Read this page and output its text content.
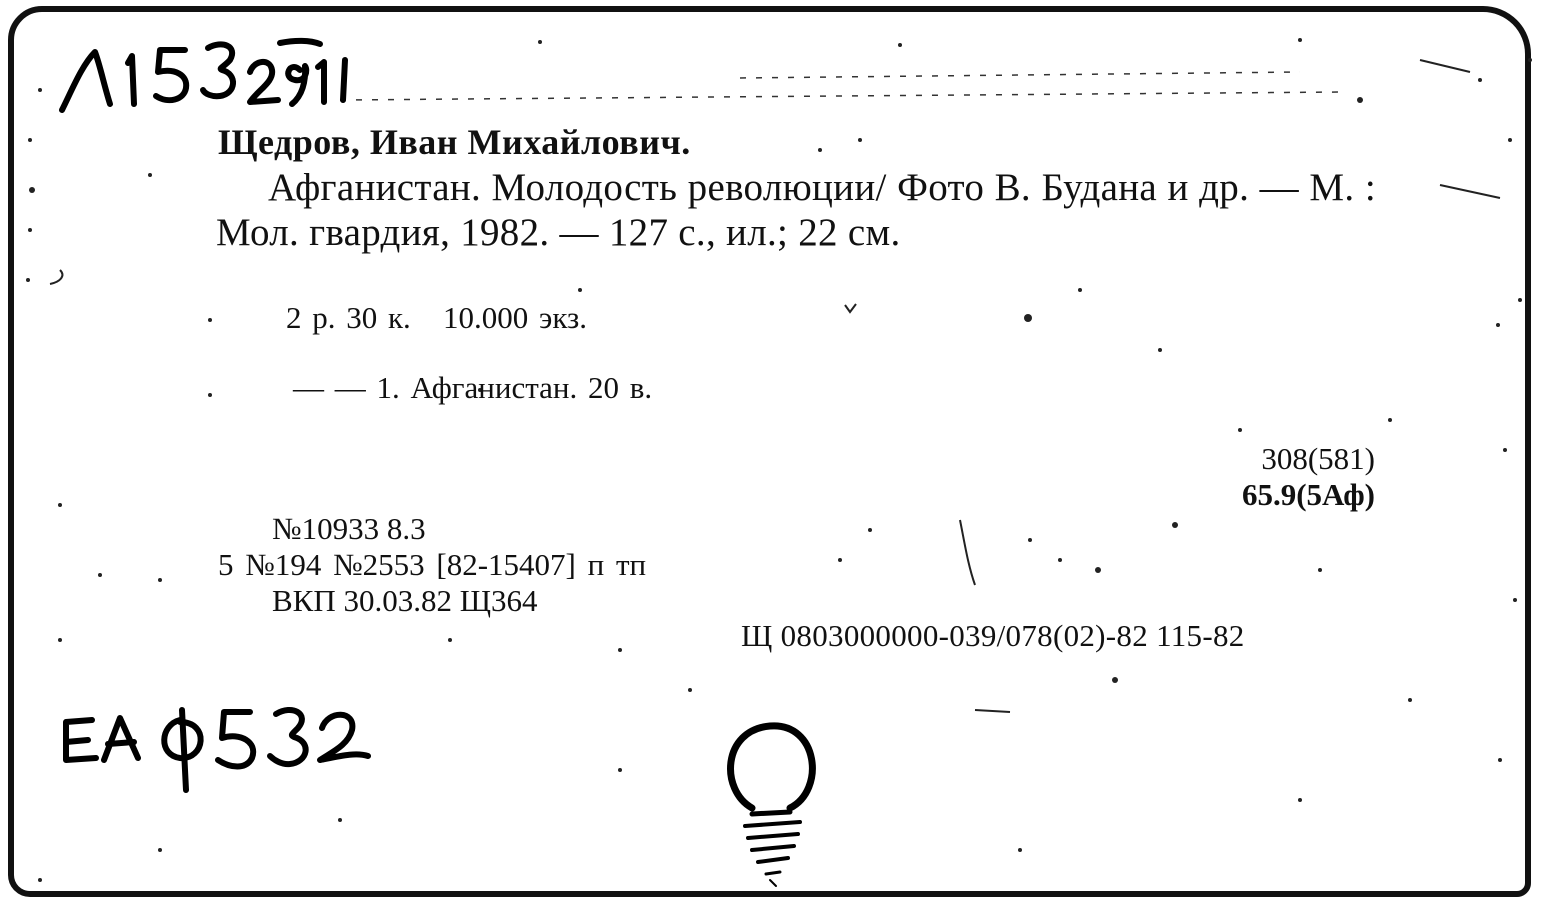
Щедров, Иван Михайлович.
Афганистан. Молодость революции/ Фото В. Будана и др. — М. : Мол. гвардия, 1982. — 127 с., ил.; 22 см.
2 р. 30 к.   10.000 экз.
— — 1. Афганистан. 20 в.
308(581)
65.9(5Аф)
№10933 8.3
5 №194 №2553 [82-15407] п тп
ВКП 30.03.82 Щ364
Щ 0803000000-039/078(02)-82 115-82
